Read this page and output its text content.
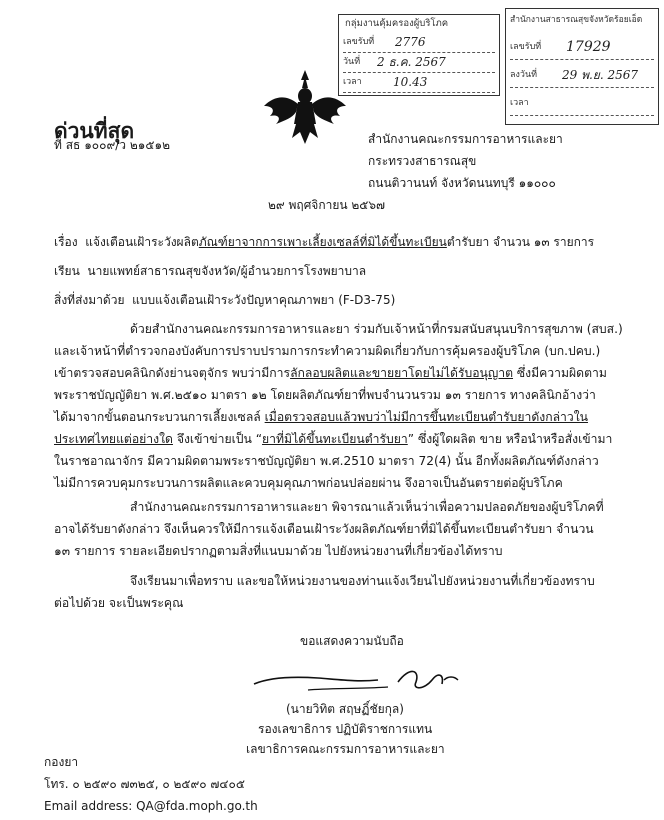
กลุ่มงานคุ้มครองผู้บริโภค
เลขรับที่ 2776
วันที่ 2 ธ.ค. 2567
เวลา	10.43
สำนักงานสาธารณสุขจังหวัดร้อยเอ็ด
เลขรับที่ 17929
ลงวันที่ 29 พ.ย. 2567
เวลา
ด่วนที่สุด
ที่ สธ ๑๐๐๙/ว ๒๑๕๑๒	สำนักงานคณะกรรมการอาหารและยา
กระทรวงสาธารณสุข
ถนนติวานนท์ จังหวัดนนทบุรี ๑๑๐๐๐
๒๙ พฤศจิกายน ๒๕๖๗
เรื่อง แจ้งเตือนเฝ้าระวังผลิตภัณฑ์ยาจากการเพาะเลี้ยงเซลล์ที่มิได้ขึ้นทะเบียนตำรับยา จำนวน ๑๓ รายการ
เรียน นายแพทย์สาธารณสุขจังหวัด/ผู้อำนวยการโรงพยาบาล
สิ่งที่ส่งมาด้วย แบบแจ้งเตือนเฝ้าระวังปัญหาคุณภาพยา (F-D3-75)
ด้วยสำนักงานคณะกรรมการอาหารและยา ร่วมกับเจ้าหน้าที่กรมสนับสนุนบริการสุขภาพ (สบส.)
และเจ้าหน้าที่ตำรวจกองบังคับการปราบปรามการกระทำความผิดเกี่ยวกับการคุ้มครองผู้บริโภค (บก.ปคบ.)
เข้าตรวจสอบคลินิกดังย่านจตุจักร พบว่ามีการลักลอบผลิตและขายยาโดยไม่ได้รับอนุญาต ซึ่งมีความผิดตาม
พระราชบัญญัติยา พ.ศ.๒๕๑๐ มาตรา ๑๒ โดยผลิตภัณฑ์ยาที่พบจำนวนรวม ๑๓ รายการ ทางคลินิกอ้างว่า
ได้มาจากขั้นตอนกระบวนการเลี้ยงเซลล์ เมื่อตรวจสอบแล้วพบว่าไม่มีการขึ้นทะเบียนตำรับยาดังกล่าวใน
ประเทศไทยแต่อย่างใด จึงเข้าข่ายเป็น “ยาที่มิได้ขึ้นทะเบียนตำรับยา” ซึ่งผู้ใดผลิต ขาย หรือนำหรือสั่งเข้ามา
ในราชอาณาจักร มีความผิดตามพระราชบัญญัติยา พ.ศ.2510 มาตรา 72(4) นั้น อีกทั้งผลิตภัณฑ์ดังกล่าว
ไม่มีการควบคุมกระบวนการผลิตและควบคุมคุณภาพก่อนปล่อยผ่าน จึงอาจเป็นอันตรายต่อผู้บริโภค
สำนักงานคณะกรรมการอาหารและยา พิจารณาแล้วเห็นว่าเพื่อความปลอดภัยของผู้บริโภคที่
อาจได้รับยาดังกล่าว จึงเห็นควรให้มีการแจ้งเตือนเฝ้าระวังผลิตภัณฑ์ยาที่มิได้ขึ้นทะเบียนตำรับยา จำนวน
๑๓ รายการ รายละเอียดปรากฏตามสิ่งที่แนบมาด้วย ไปยังหน่วยงานที่เกี่ยวข้องได้ทราบ
จึงเรียนมาเพื่อทราบ และขอให้หน่วยงานของท่านแจ้งเวียนไปยังหน่วยงานที่เกี่ยวข้องทราบ
ต่อไปด้วย จะเป็นพระคุณ
ขอแสดงความนับถือ
(นายวิทิต สฤษฏิ์ชัยกุล)
รองเลขาธิการ ปฏิบัติราชการแทน
เลขาธิการคณะกรรมการอาหารและยา
กองยา
โทร. ๐ ๒๕๙๐ ๗๓๒๕, ๐ ๒๕๙๐ ๗๔๐๕
Email address: QA@fda.moph.go.th
